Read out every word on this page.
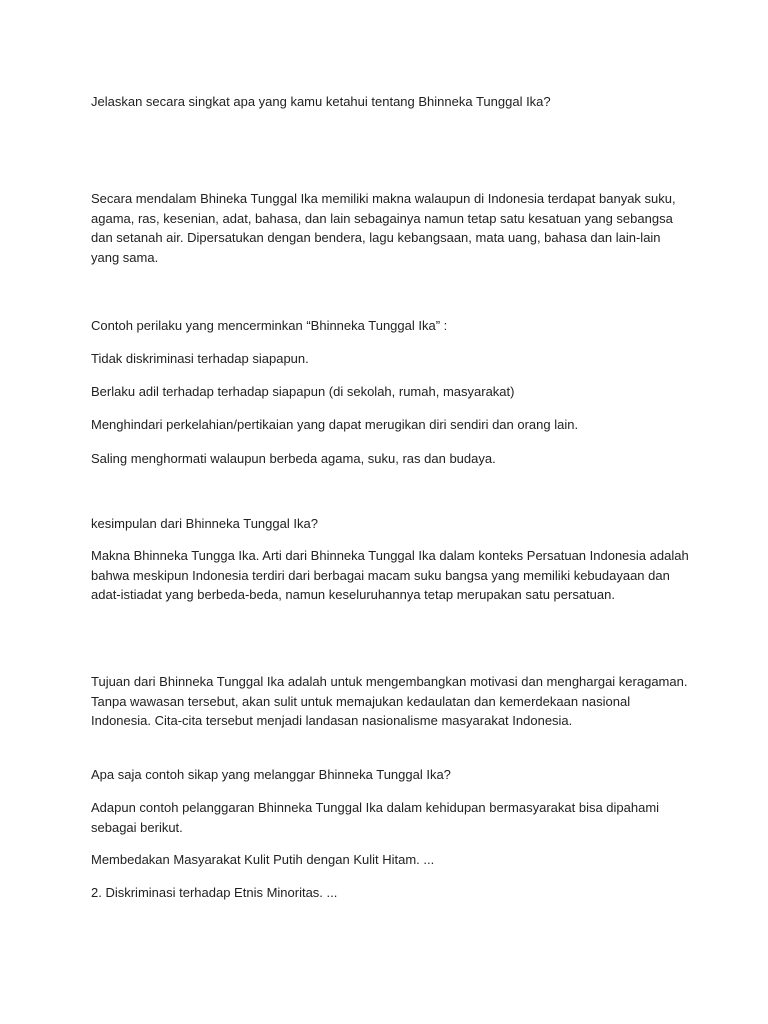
Jelaskan secara singkat apa yang kamu ketahui tentang Bhinneka Tunggal Ika?

Secara mendalam Bhineka Tunggal Ika memiliki makna walaupun di Indonesia terdapat banyak suku, agama, ras, kesenian, adat, bahasa, dan lain sebagainya namun tetap satu kesatuan yang sebangsa dan setanah air. Dipersatukan dengan bendera, lagu kebangsaan, mata uang, bahasa dan lain-lain yang sama.

Contoh perilaku yang mencerminkan “Bhinneka Tunggal Ika” :

Tidak diskriminasi terhadap siapapun.

Berlaku adil terhadap terhadap siapapun (di sekolah, rumah, masyarakat)

Menghindari perkelahian/pertikaian yang dapat merugikan diri sendiri dan orang lain.

Saling menghormati walaupun berbeda agama, suku, ras dan budaya.

kesimpulan dari Bhinneka Tunggal Ika?

Makna Bhinneka Tungga Ika. Arti dari Bhinneka Tunggal Ika dalam konteks Persatuan Indonesia adalah bahwa meskipun Indonesia terdiri dari berbagai macam suku bangsa yang memiliki kebudayaan dan adat-istiadat yang berbeda-beda, namun keseluruhannya tetap merupakan satu persatuan.

Tujuan dari Bhinneka Tunggal Ika adalah untuk mengembangkan motivasi dan menghargai keragaman. Tanpa wawasan tersebut, akan sulit untuk memajukan kedaulatan dan kemerdekaan nasional Indonesia. Cita-cita tersebut menjadi landasan nasionalisme masyarakat Indonesia.

Apa saja contoh sikap yang melanggar Bhinneka Tunggal Ika?

Adapun contoh pelanggaran Bhinneka Tunggal Ika dalam kehidupan bermasyarakat bisa dipahami sebagai berikut.

Membedakan Masyarakat Kulit Putih dengan Kulit Hitam. ...

2. Diskriminasi terhadap Etnis Minoritas. ...
